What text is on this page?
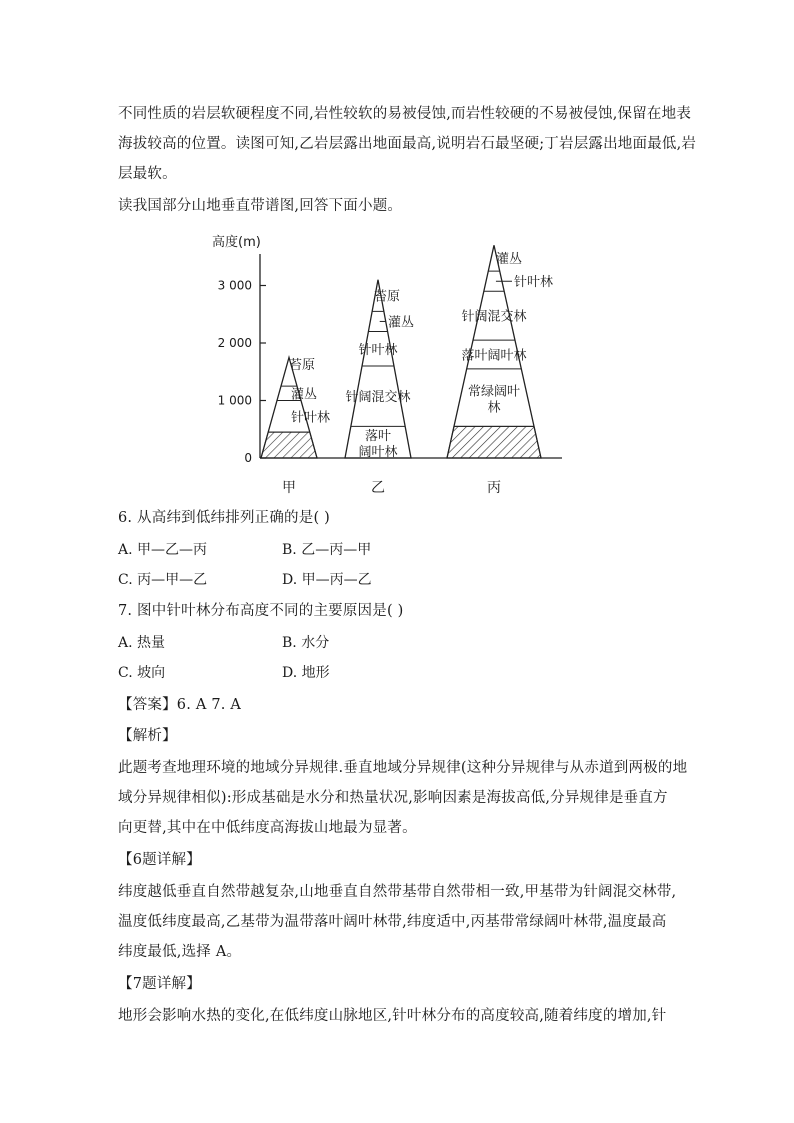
不同性质的岩层软硬程度不同,岩性较软的易被侵蚀,而岩性较硬的不易被侵蚀,保留在地表
海拔较高的位置。读图可知,乙岩层露出地面最高,说明岩石最坚硬;丁岩层露出地面最低,岩
层最软。
读我国部分山地垂直带谱图,回答下面小题。
高度(m)
0
1 000
2 000
3 000
针叶林
灌丛
苔原
甲
落叶阔叶林
针阔混交林
针叶林
灌丛
苔原
乙
常绿阔叶林
落叶阔叶林
针阔混交林
针叶林
灌丛
丙
6. 从高纬到低纬排列正确的是( )
A. 甲—乙—丙	B. 乙—丙—甲
C. 丙—甲—乙	D. 甲—丙—乙
7. 图中针叶林分布高度不同的主要原因是( )
A. 热量	B. 水分
C. 坡向	D. 地形
【答案】6. A 7. A
【解析】
此题考查地理环境的地域分异规律.垂直地域分异规律(这种分异规律与从赤道到两极的地
域分异规律相似):形成基础是水分和热量状况,影响因素是海拔高低,分异规律是垂直方
向更替,其中在中低纬度高海拔山地最为显著。
【6题详解】
纬度越低垂直自然带越复杂,山地垂直自然带基带自然带相一致,甲基带为针阔混交林带,
温度低纬度最高,乙基带为温带落叶阔叶林带,纬度适中,丙基带常绿阔叶林带,温度最高
纬度最低,选择 A。
【7题详解】
地形会影响水热的变化,在低纬度山脉地区,针叶林分布的高度较高,随着纬度的增加,针
